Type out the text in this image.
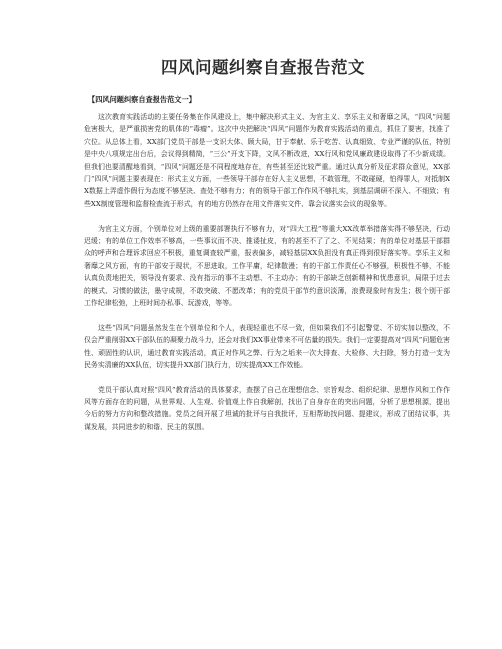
四风问题纠察自查报告范文
【四风问题纠察自查报告范文一】

这次教育实践活动的主要任务集在作风建设上，集中解决形式主义、为官主义、享乐主义和奢靡之风，“四风”问题危害极大，是严重损害党的肌体的“毒瘤”。这次中央把解决“四风”问题作为教育实践活动的重点，抓住了要害，找准了穴位。从总体上看，XX部门党员干部是一支识大体、顾大局，甘于奉献、乐于吃苦、认真细致、专业严谨的队伍，特别是中央八项规定出台后，会议得到精简，“三公”开支下降，文风不断改进，XX行风和党风廉政建设取得了不少新成绩。但我们也要清醒地看到，“四风”问题还是不同程度地存在，有些甚至还比较严重。通过认真分析及征求群众意见，XX部门“四风”问题主要表现在：形式主义方面，一些领导干部存在好人主义思想，不敢管理，不敢碰硬，怕得罪人，对抵制XX数据上弄虚作假行为态度不够坚决、查处不够有力；有的领导干部工作作风不够扎实，到基层调研不深入、不细致；有些XX制度管理和监督检查流于形式，有的地方仍然存在用文件落实文件、靠会议落实会议的现象等。

为官主义方面，个别单位对上级的重要部署执行不够有力，对“四大工程”等重大XX改革举措落实得不够坚决，行动迟缓；有的单位工作效率不够高，一些事议而不决、推诿扯皮，有的甚至不了了之、不见结果；有的单位对基层干部群众的呼声和合理诉求回应不积极，重复调查较严重，报表偏多，减轻基层XX负担没有真正得到很好落实等。享乐主义和奢靡之风方面，有的干部安于现状，不思进取，工作平庸，纪律散漫；有的干部工作责任心不够强，积极性不够，不能认真负责地把关，领导没有要求、没有指示的事不主动想、不主动办；有的干部缺乏创新精神和忧患意识，局限于过去的模式、习惯的做法，墨守成规，不敢突破、不愿改革；有的党员干部节约意识淡薄，浪费现象时有发生；极个别干部工作纪律松弛，上班时间办私事、玩游戏，等等。

这些“四风”问题虽然发生在个别单位和个人，表现轻重也不尽一致，但如果我们不引起警觉、不切实加以整改，不仅会严重削弱XX干部队伍的凝聚力战斗力，还会对我们XX事业带来不可估量的损失。我们一定要提高对“四风”问题危害性、顽固性的认识，通过教育实践活动，真正对作风之弊、行为之垢来一次大排查、大检修、大扫除，努力打造一支为民务实清廉的XX队伍，切实提升XX部门执行力，切实提高XX工作效能。

党员干部认真对照“四风”教育活动的具体要求，查摆了自己在理想信念、宗旨观念、组织纪律、思想作风和工作作风等方面存在的问题，从世界观、人生观、价值观上作自我解剖，找出了自身存在的突出问题，分析了思想根源，提出今后的努力方向和整改措施。党员之间开展了坦诚的批评与自我批评，互相帮助找问题、提建议，形成了团结议事，共谋发展，共同进步的和谐、民主的氛围。
